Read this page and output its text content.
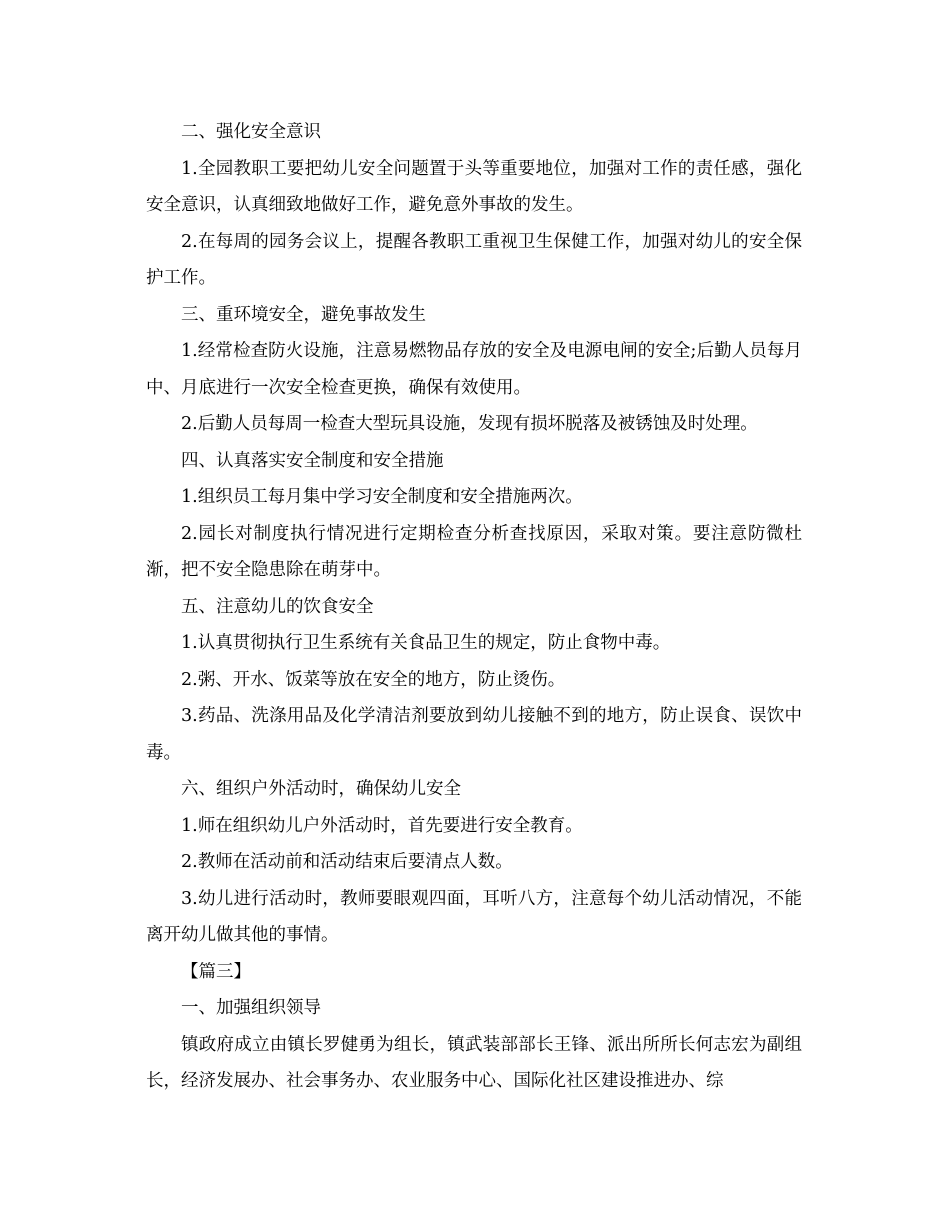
二、强化安全意识

1.全园教职工要把幼儿安全问题置于头等重要地位，加强对工作的责任感，强化安全意识，认真细致地做好工作，避免意外事故的发生。

2.在每周的园务会议上，提醒各教职工重视卫生保健工作，加强对幼儿的安全保护工作。

三、重环境安全，避免事故发生

1.经常检查防火设施，注意易燃物品存放的安全及电源电闸的安全;后勤人员每月中、月底进行一次安全检查更换，确保有效使用。

2.后勤人员每周一检查大型玩具设施，发现有损坏脱落及被锈蚀及时处理。

四、认真落实安全制度和安全措施

1.组织员工每月集中学习安全制度和安全措施两次。

2.园长对制度执行情况进行定期检查分析查找原因，采取对策。要注意防微杜渐，把不安全隐患除在萌芽中。

五、注意幼儿的饮食安全

1.认真贯彻执行卫生系统有关食品卫生的规定，防止食物中毒。

2.粥、开水、饭菜等放在安全的地方，防止烫伤。

3.药品、洗涤用品及化学清洁剂要放到幼儿接触不到的地方，防止误食、误饮中毒。

六、组织户外活动时，确保幼儿安全

1.师在组织幼儿户外活动时，首先要进行安全教育。

2.教师在活动前和活动结束后要清点人数。

3.幼儿进行活动时，教师要眼观四面，耳听八方，注意每个幼儿活动情况，不能离开幼儿做其他的事情。

【篇三】

一、加强组织领导

镇政府成立由镇长罗健勇为组长，镇武装部部长王锋、派出所所长何志宏为副组长，经济发展办、社会事务办、农业服务中心、国际化社区建设推进办、综
